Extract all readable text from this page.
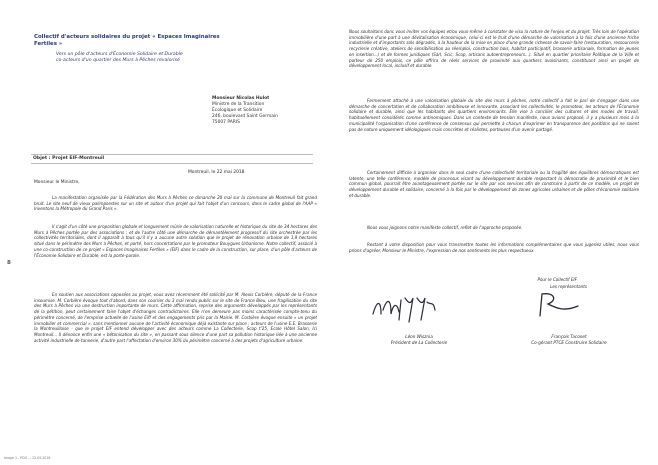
Collectif d'acteurs solidaires du projet « Espaces Imaginaires Fertiles »
Vers un pôle d'acteurs d'Économie Solidaire et Durable
co-acteurs d'un quartier des Murs à Pêches revalorisé
Monsieur Nicolas Hulot
Ministre de la Transition
Écologique et Solidaire
246, boulevard Saint Germain
75007 PARIS
Objet : Projet EIF-Montreuil
Montreuil, le 22 mai 2018
Monsieur le Ministre,
La manifestation organisée par la Fédération des Murs à Pêches ce dimanche 20 mai sur la commune de Montreuil fait grand bruit. Le site neuf de vieux palimpsestes sur un site et autour d'un projet qui fait l'objet d'un concours, dans le cadre global de l'AAP « Inventons la Métropole du Grand Paris ».
Il s'agit d'un côté une proposition globale et longuement mûrie de valorisation naturelle et historique du site de 34 hectares des Murs à Pêches portée par des associations ; et de l'autre côté une démarche de démantèlement progressif du site orchestrée par les collectivités territoriales, dont il apparaît à tous qu'il n'y a aucune autre solution que le projet de rénovation urbaine de 1,9 hectares situé dans le périmètre des Murs à Pêches, et porté, hors concertations par le promoteur Bouygues Urbanisme. Notre collectif, associé à une co-construction de ce projet « Espaces Imaginaires Fertiles » (EIF) dans le cadre de la construction, sur place, d'un pôle d'acteurs de l'Économie Solidaire et Durable, est la porte-parole.
En soutien aux associations opposées au projet, vous avez récemment été sollicité par M. Alexis Corbière, député de la France insoumise. M. Corbière évoque tout d'abord, dans son courrier du 3 mai rendu public sur le site de France Bleu, une fragilisation du site des Murs à Pêches via une destruction importante de murs. Cette affirmation, reprise des arguments développés par les représentants de la pétition, peut certainement faire l'objet d'échanges contradictoires. Elle n'en demeure pas moins caractérisée compte-tenu du périmètre concerné, de l'emprise actuelle de l'usine Eiff et des engagements pris par la Mairie. M. Corbière évoque ensuite « un projet immobilier et commercial », sans mentionner aucune de l'activité économique déjà existante sur place : acteurs de l'usine E.E. Brasserie la Montreuilloise - que le projet EIF entend développer avec des acteurs comme La Collecterie, Scop t'25, Ecole Hôtel Salon, Ici Montreuil... Il dénonce enfin une « bétonisation du site », en passant sous silence d'une part sa pollution historique liée à une ancienne activité industrielle de tannerie, d'autre part l'affectation d'environ 30% du périmètre concerné à des projets d'agriculture urbaine.
8
Image 1 - PDG ... 22.05.2018
Nous souhaitons donc vous inviter vos équipes et/ou vous-même à constater de visu la nature de l'enjeu et du projet. Très loin de l'opération immobilière d'une part à une dévitalisation économique, celui-ci est le fruit d'une démarche de valorisation à la fois d'une ancienne friche industrielle et d'importants sols dégradés, à la hauteur de la mise en place d'une grande richesse de savoir-faire (restauration, ressourcerie recyclerie créative, ateliers de sensibilisation au réemploi, construction bois, habitat participatif, brasserie artisanale, formation de jeunes en insertion...) et de formes juridiques (Sàrl, Scic, Scop, artisans autoentrepreneurs...). Situé en quartier prioritaire Politique de la Ville et porteur de 250 emplois, ce pôle offrira de réels services de proximité aux quartiers avoisinants, constituant ainsi un projet de développement local, inclusif et durable.
Fermement attaché à une valorisation globale du site des murs à pêches, notre collectif a fait le pari de s'engager dans une démarche de concertation et de collaboration ambitieuse et innovante, associant les collectivités, le promoteur, les acteurs de l'Économie solidaire et durable, ainsi que les habitants des quartiers environnants. Elle vise à concilier des cultures et des modes de travail, habituellement considérés comme antinomiques. Dans un contexte de tension manifeste, nous avions proposé, il y a plusieurs mois à la municipalité l'organisation d'une conférence de consensus qui permette à chacun d'exprimer en transparence des positions qui ne soient pas de nature uniquement idéologiques mais concrètes et réalistes, porteuses d'un avenir partagé.
Certainement difficile à organiser dans le seul cadre d'une collectivité territoriale ou la fragilité des équilibres démocratiques est latente, une telle conférence, modèle de processus visant au développement durable respectant la démocratie de proximité et le bien commun global, pourrait être avantageusement portée sur le site par vos services afin de construire à partir de ce modèle, un projet de développement durable et solidaire, concerné à la fois par le développement de zones agricoles urbaines et de pôles d'économie solidaire et durable.
Nous vous joignons notre manifeste collectif, reflet de l'approche proposée.
Restant à votre disposition pour vous transmettre toutes les informations complémentaires que vous jugeriez utiles, nous vous prions d'agréer, Monsieur le Ministre, l'expression de nos sentiments les plus respectueux.
Pour le Collectif EIF
Les représentants
Léon Wisznia
Président de La Collecterie
François Taconet
Co-gérant PTCE Construire Solidaire
